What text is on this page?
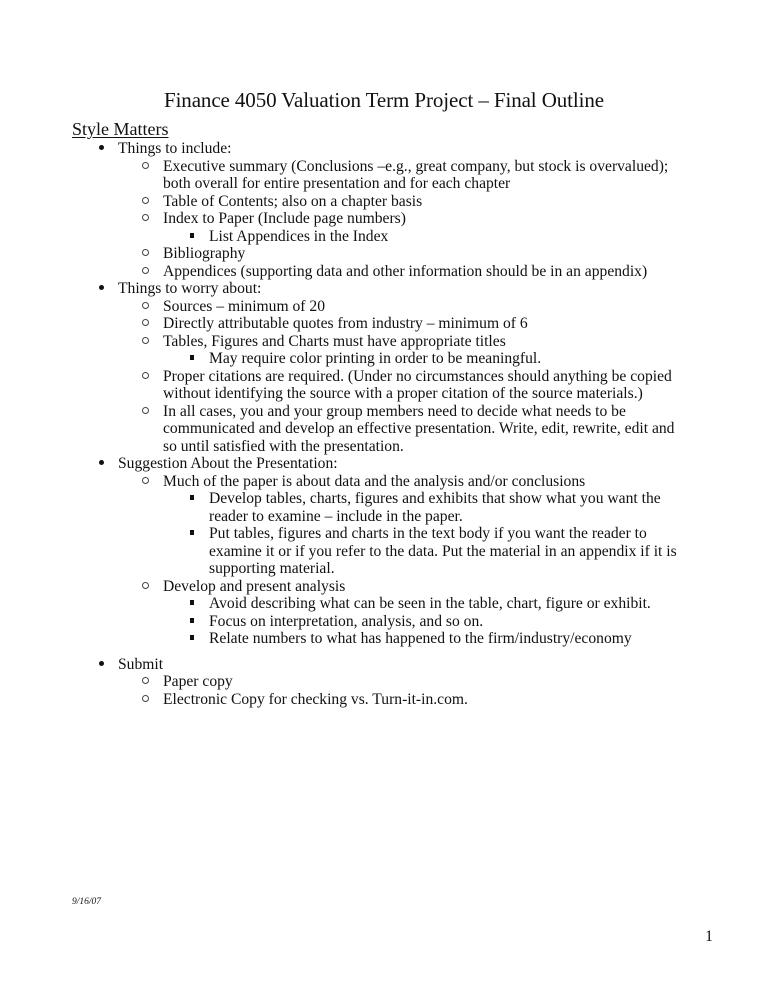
Finance 4050 Valuation Term Project – Final Outline
Style Matters
Things to include:
Executive summary (Conclusions –e.g., great company, but stock is overvalued); both overall for entire presentation and for each chapter
Table of Contents; also on a chapter basis
Index to Paper (Include page numbers)
List Appendices in the Index
Bibliography
Appendices (supporting data and other information should be in an appendix)
Things to worry about:
Sources – minimum of 20
Directly attributable quotes from industry – minimum of 6
Tables, Figures and Charts must have appropriate titles
May require color printing in order to be meaningful.
Proper citations are required. (Under no circumstances should anything be copied without identifying the source with a proper citation of the source materials.)
In all cases, you and your group members need to decide what needs to be communicated and develop an effective presentation. Write, edit, rewrite, edit and so until satisfied with the presentation.
Suggestion About the Presentation:
Much of the paper is about data and the analysis and/or conclusions
Develop tables, charts, figures and exhibits that show what you want the reader to examine – include in the paper.
Put tables, figures and charts in the text body if you want the reader to examine it or if you refer to the data. Put the material in an appendix if it is supporting material.
Develop and present analysis
Avoid describing what can be seen in the table, chart, figure or exhibit.
Focus on interpretation, analysis, and so on.
Relate numbers to what has happened to the firm/industry/economy
Submit
Paper copy
Electronic Copy for checking vs. Turn-it-in.com.
9/16/07
1
